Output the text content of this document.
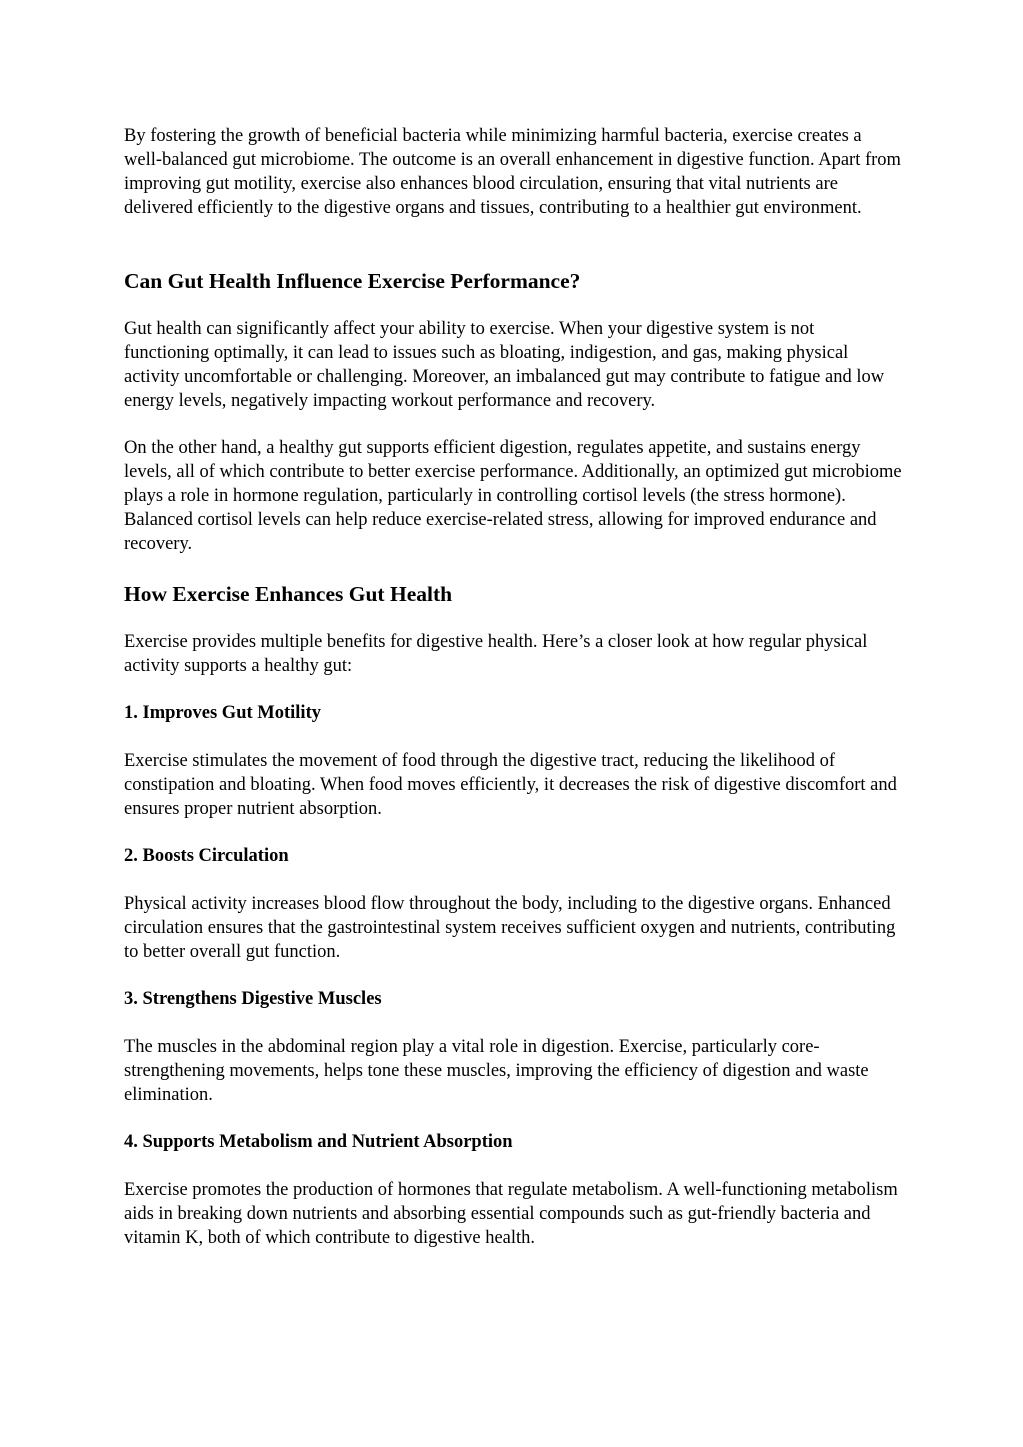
By fostering the growth of beneficial bacteria while minimizing harmful bacteria, exercise creates a well-balanced gut microbiome. The outcome is an overall enhancement in digestive function. Apart from improving gut motility, exercise also enhances blood circulation, ensuring that vital nutrients are delivered efficiently to the digestive organs and tissues, contributing to a healthier gut environment.

Can Gut Health Influence Exercise Performance?

Gut health can significantly affect your ability to exercise. When your digestive system is not functioning optimally, it can lead to issues such as bloating, indigestion, and gas, making physical activity uncomfortable or challenging. Moreover, an imbalanced gut may contribute to fatigue and low energy levels, negatively impacting workout performance and recovery.

On the other hand, a healthy gut supports efficient digestion, regulates appetite, and sustains energy levels, all of which contribute to better exercise performance. Additionally, an optimized gut microbiome plays a role in hormone regulation, particularly in controlling cortisol levels (the stress hormone). Balanced cortisol levels can help reduce exercise-related stress, allowing for improved endurance and recovery.

How Exercise Enhances Gut Health

Exercise provides multiple benefits for digestive health. Here’s a closer look at how regular physical activity supports a healthy gut:

1. Improves Gut Motility

Exercise stimulates the movement of food through the digestive tract, reducing the likelihood of constipation and bloating. When food moves efficiently, it decreases the risk of digestive discomfort and ensures proper nutrient absorption.

2. Boosts Circulation

Physical activity increases blood flow throughout the body, including to the digestive organs. Enhanced circulation ensures that the gastrointestinal system receives sufficient oxygen and nutrients, contributing to better overall gut function.

3. Strengthens Digestive Muscles

The muscles in the abdominal region play a vital role in digestion. Exercise, particularly core-strengthening movements, helps tone these muscles, improving the efficiency of digestion and waste elimination.

4. Supports Metabolism and Nutrient Absorption

Exercise promotes the production of hormones that regulate metabolism. A well-functioning metabolism aids in breaking down nutrients and absorbing essential compounds such as gut-friendly bacteria and vitamin K, both of which contribute to digestive health.
